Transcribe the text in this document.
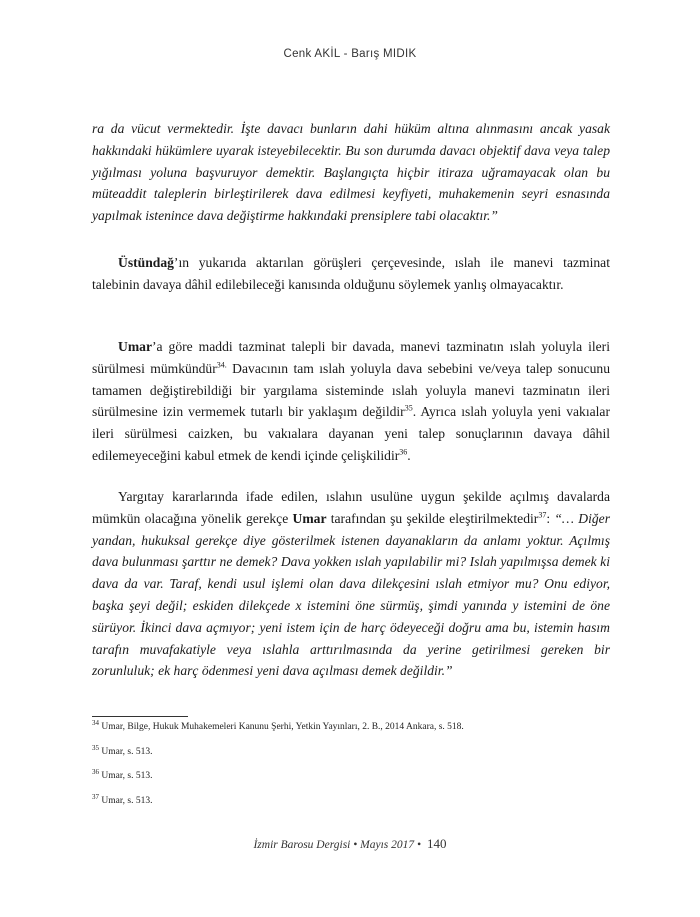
Cenk AKİL - Barış MIDIK

ra da vücut vermektedir. İşte davacı bunların dahi hüküm altına alınmasını ancak yasak hakkındaki hükümlere uyarak isteyebilecektir. Bu son durumda davacı objektif dava veya talep yığılması yoluna başvuruyor demektir. Başlangıçta hiçbir itiraza uğramayacak olan bu müteaddit taleplerin birleştirilerek dava edilmesi keyfiyeti, muhakemenin seyri esnasında yapılmak istenince dava değiştirme hakkındaki prensiplere tabi olacaktır.”

Üstündağ’ın yukarıda aktarılan görüşleri çerçevesinde, ıslah ile manevi tazminat talebinin davaya dâhil edilebileceği kanısında olduğunu söylemek yanlış olmayacaktır.

Umar’a göre maddi tazminat talepli bir davada, manevi tazminatın ıslah yoluyla ileri sürülmesi mümkündür$^{34.}$ Davacının tam ıslah yoluyla dava sebebini ve/veya talep sonucunu tamamen değiştirebildiği bir yargılama sisteminde ıslah yoluyla manevi tazminatın ileri sürülmesine izin vermemek tutarlı bir yaklaşım değildir$^{35}$. Ayrıca ıslah yoluyla yeni vakıalar ileri sürülmesi caizken, bu vakıalara dayanan yeni talep sonuçlarının davaya dâhil edilemeyeceğini kabul etmek de kendi içinde çelişkilidir$^{36}$.

Yargıtay kararlarında ifade edilen, ıslahın usulüne uygun şekilde açılmış davalarda mümkün olacağına yönelik gerekçe Umar tarafından şu şekilde eleştirilmektedir$^{37}$: “… Diğer yandan, hukuksal gerekçe diye gösterilmek istenen dayanakların da anlamı yoktur. Açılmış dava bulunması şarttır ne demek? Dava yokken ıslah yapılabilir mi? Islah yapılmışsa demek ki dava da var. Taraf, kendi usul işlemi olan dava dilekçesini ıslah etmiyor mu? Onu ediyor, başka şeyi değil; eskiden dilekçede x istemini öne sürmüş, şimdi yanında y istemini de öne sürüyor. İkinci dava açmıyor; yeni istem için de harç ödeyeceği doğru ama bu, istemin hasım tarafın muvafakatiyle veya ıslahla arttırılmasında da yerine getirilmesi gereken bir zorunluluk; ek harç ödenmesi yeni dava açılması demek değildir.”

$^{34}$ Umar, Bilge, Hukuk Muhakemeleri Kanunu Şerhi, Yetkin Yayınları, 2. B., 2014 Ankara, s. 518.

$^{35}$ Umar, s. 513.

$^{36}$ Umar, s. 513.

$^{37}$ Umar, s. 513.

İzmir Barosu Dergisi • Mayıs 2017 • 140
